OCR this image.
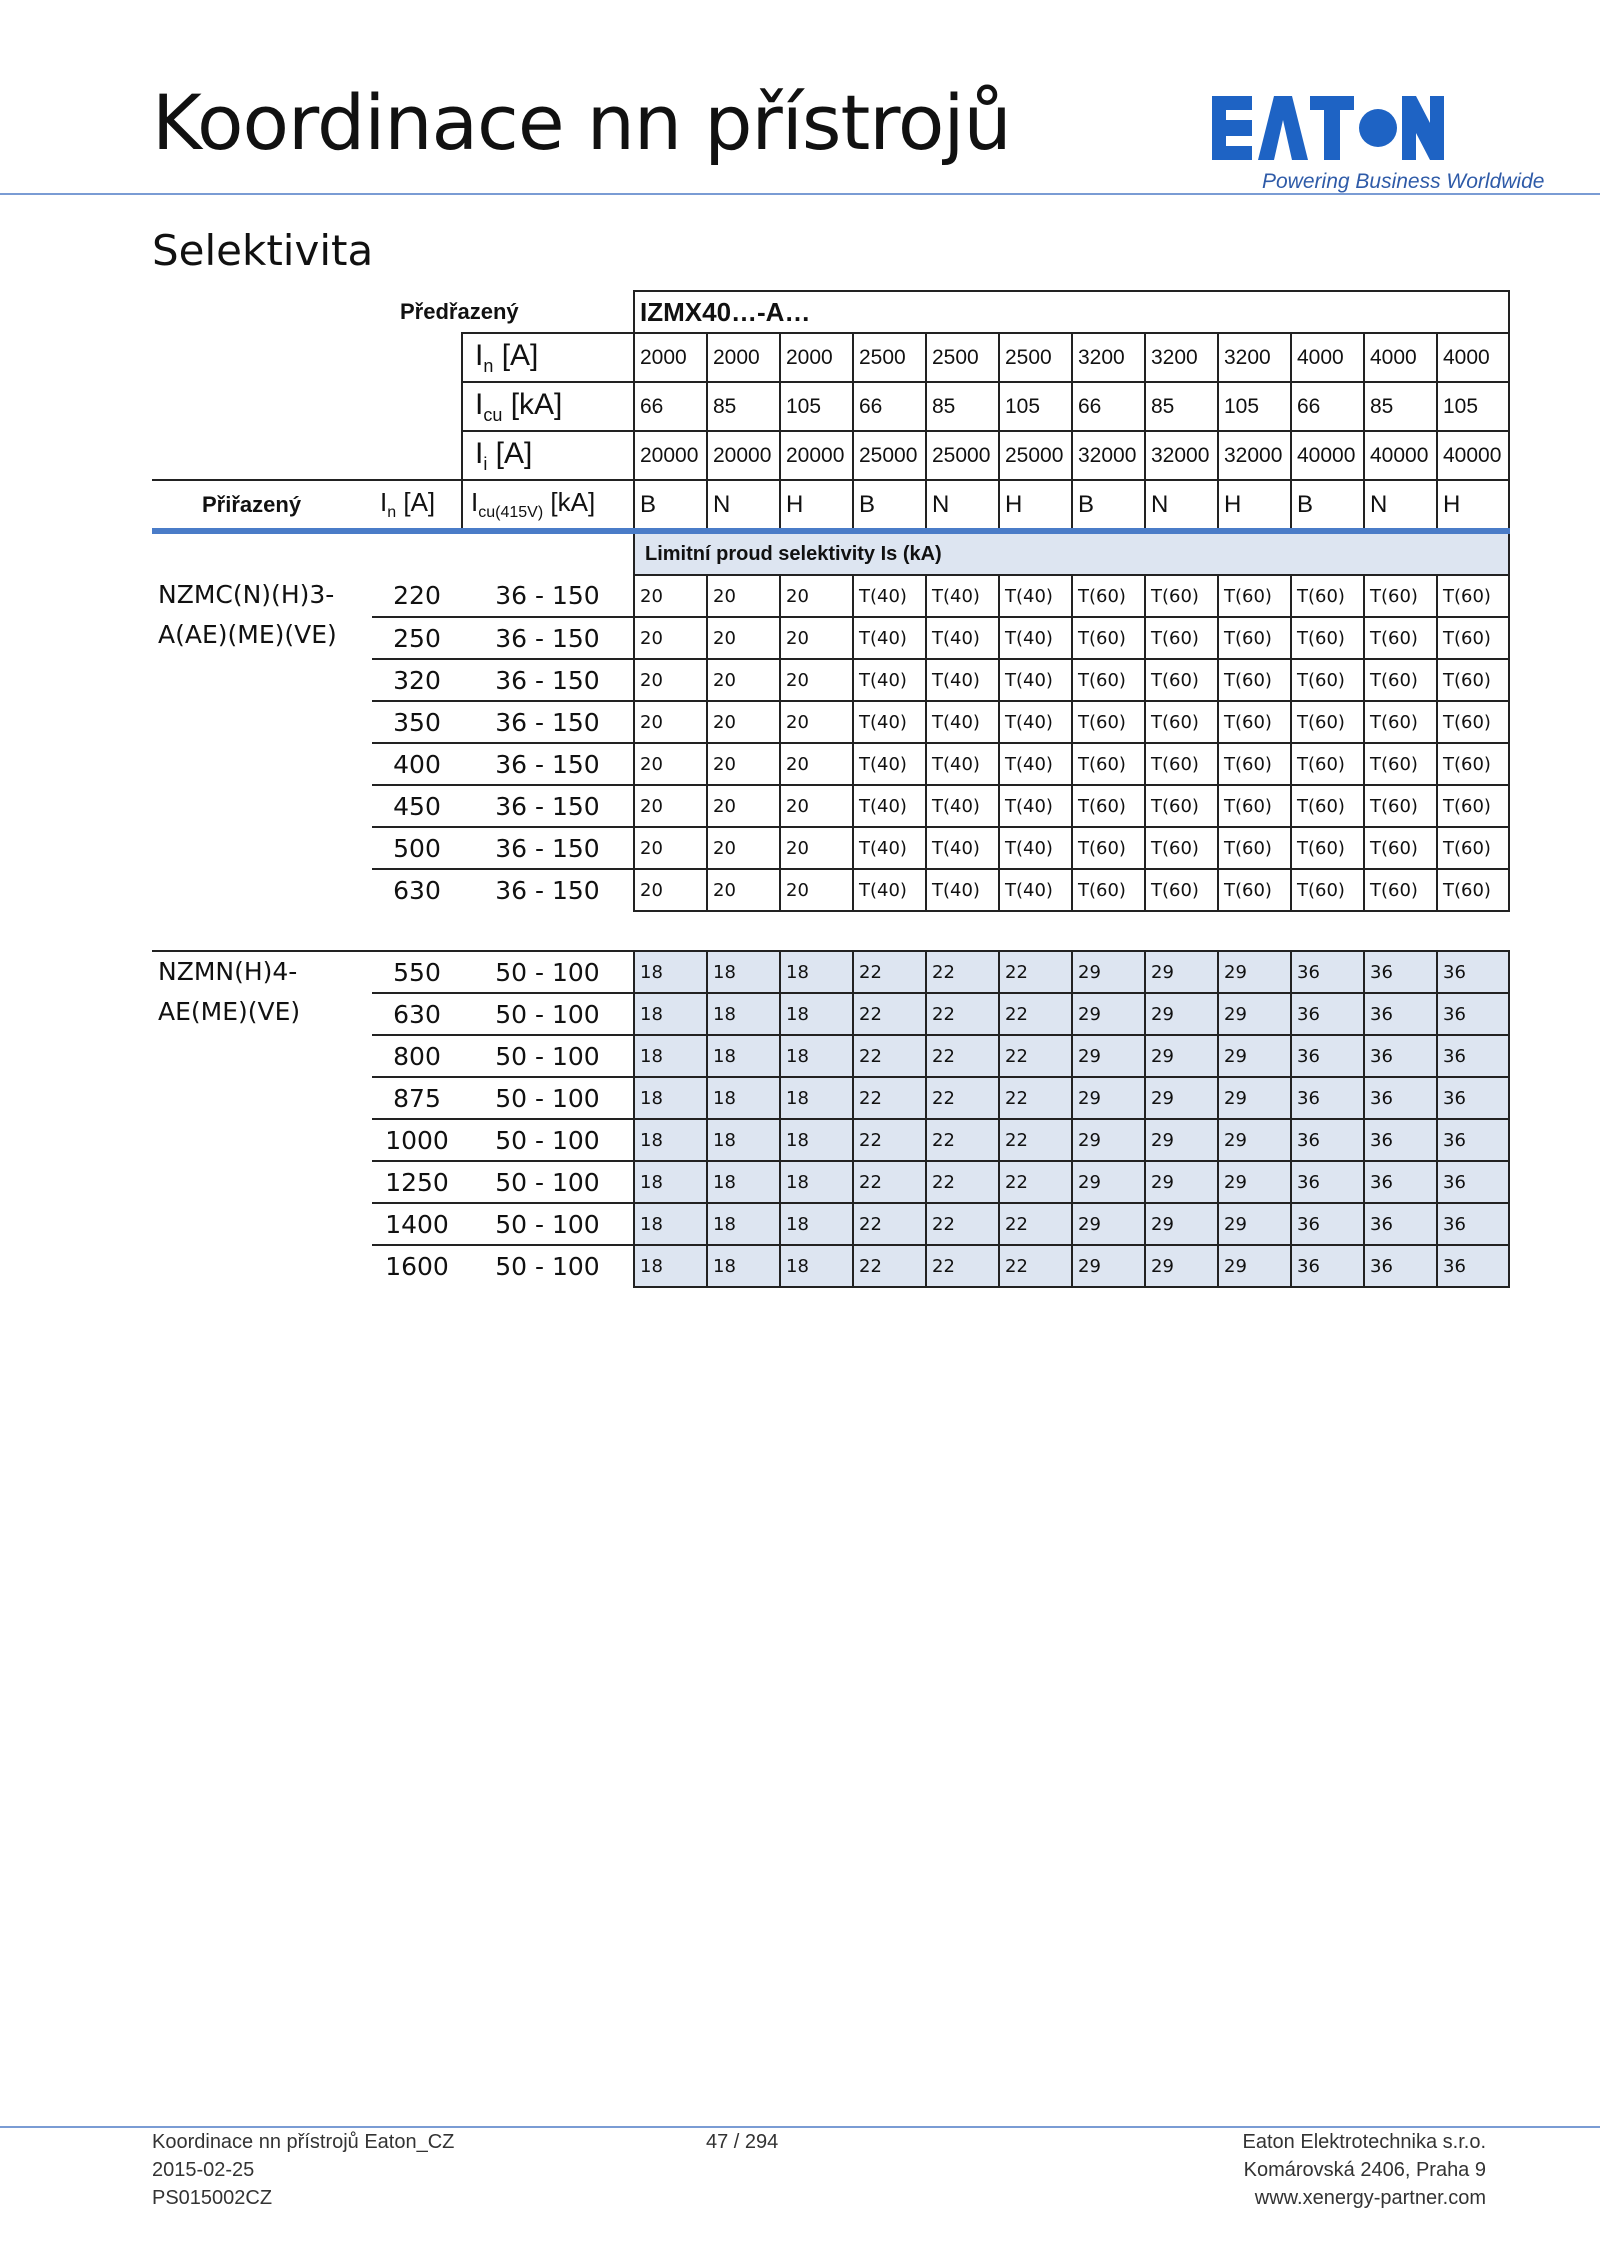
Koordinace nn přístrojů
Powering Business Worldwide
Selektivita
Předřazený			IZMX40…-A…											
		$I_n$ [A]	2000	2000	2000	2500	2500	2500	3200	3200	3200	4000	4000	4000
		$I_{cu}$ [kA]	66	85	105	66	85	105	66	85	105	66	85	105
		$I_i$ [A]	20000	20000	20000	25000	25000	25000	32000	32000	32000	40000	40000	40000
Přiřazený	$I_n$ [A]	$I_{cu(415V)}$ [kA]	B	N	H	B	N	H	B	N	H	B	N	H
			Limitní proud selektivity Is (kA)											

NZMC(N)(H)3-
A(AE)(ME)(VE)	220	36 - 150	20	20	20	T(40)	T(40)	T(40)	T(60)	T(60)	T(60)	T(60)	T(60)	T(60)
	250	36 - 150	20	20	20	T(40)	T(40)	T(40)	T(60)	T(60)	T(60)	T(60)	T(60)	T(60)
	320	36 - 150	20	20	20	T(40)	T(40)	T(40)	T(60)	T(60)	T(60)	T(60)	T(60)	T(60)
	350	36 - 150	20	20	20	T(40)	T(40)	T(40)	T(60)	T(60)	T(60)	T(60)	T(60)	T(60)
	400	36 - 150	20	20	20	T(40)	T(40)	T(40)	T(60)	T(60)	T(60)	T(60)	T(60)	T(60)
	450	36 - 150	20	20	20	T(40)	T(40)	T(40)	T(60)	T(60)	T(60)	T(60)	T(60)	T(60)
	500	36 - 150	20	20	20	T(40)	T(40)	T(40)	T(60)	T(60)	T(60)	T(60)	T(60)	T(60)
	630	36 - 150	20	20	20	T(40)	T(40)	T(40)	T(60)	T(60)	T(60)	T(60)	T(60)	T(60)

NZMN(H)4-
AE(ME)(VE)	550	50 - 100	18	18	18	22	22	22	29	29	29	36	36	36
	630	50 - 100	18	18	18	22	22	22	29	29	29	36	36	36
	800	50 - 100	18	18	18	22	22	22	29	29	29	36	36	36
	875	50 - 100	18	18	18	22	22	22	29	29	29	36	36	36
	1000	50 - 100	18	18	18	22	22	22	29	29	29	36	36	36
	1250	50 - 100	18	18	18	22	22	22	29	29	29	36	36	36
	1400	50 - 100	18	18	18	22	22	22	29	29	29	36	36	36
	1600	50 - 100	18	18	18	22	22	22	29	29	29	36	36	36
Koordinace nn přístrojů Eaton_CZ
2015-02-25
PS015002CZ
47 / 294	Eaton Elektrotechnika s.r.o.
Komárovská 2406, Praha 9
www.xenergy-partner.com
